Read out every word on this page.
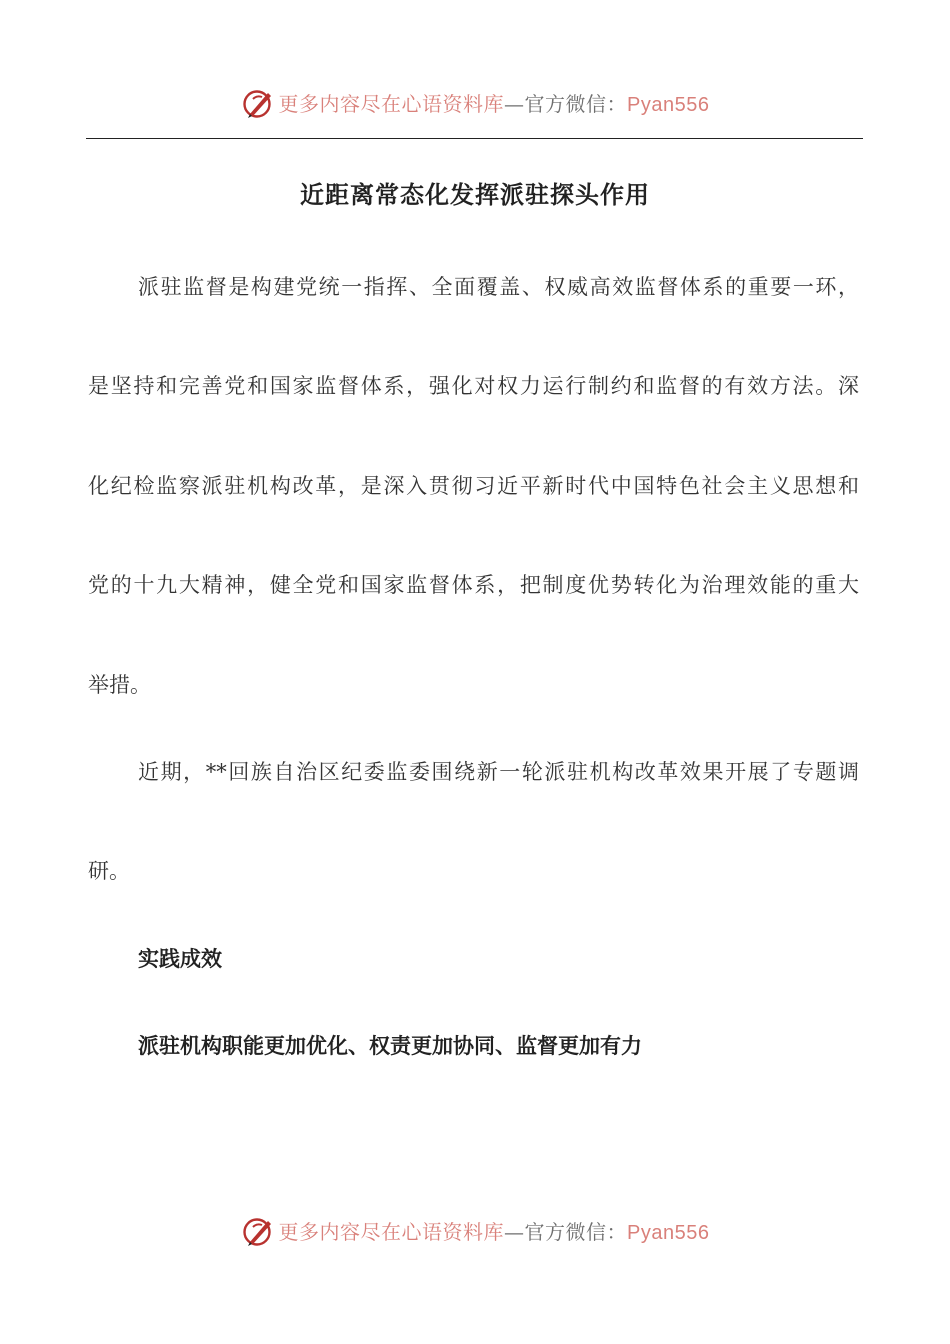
更多内容尽在心语资料库—官方微信：Pyan556
近距离常态化发挥派驻探头作用

派驻监督是构建党统一指挥、全面覆盖、权威高效监督体系的重要一环，

是坚持和完善党和国家监督体系，强化对权力运行制约和监督的有效方法。深

化纪检监察派驻机构改革，是深入贯彻习近平新时代中国特色社会主义思想和

党的十九大精神，健全党和国家监督体系，把制度优势转化为治理效能的重大

举措。

近期，**回族自治区纪委监委围绕新一轮派驻机构改革效果开展了专题调

研。

实践成效

派驻机构职能更加优化、权责更加协同、监督更加有力

更多内容尽在心语资料库—官方微信：Pyan556
